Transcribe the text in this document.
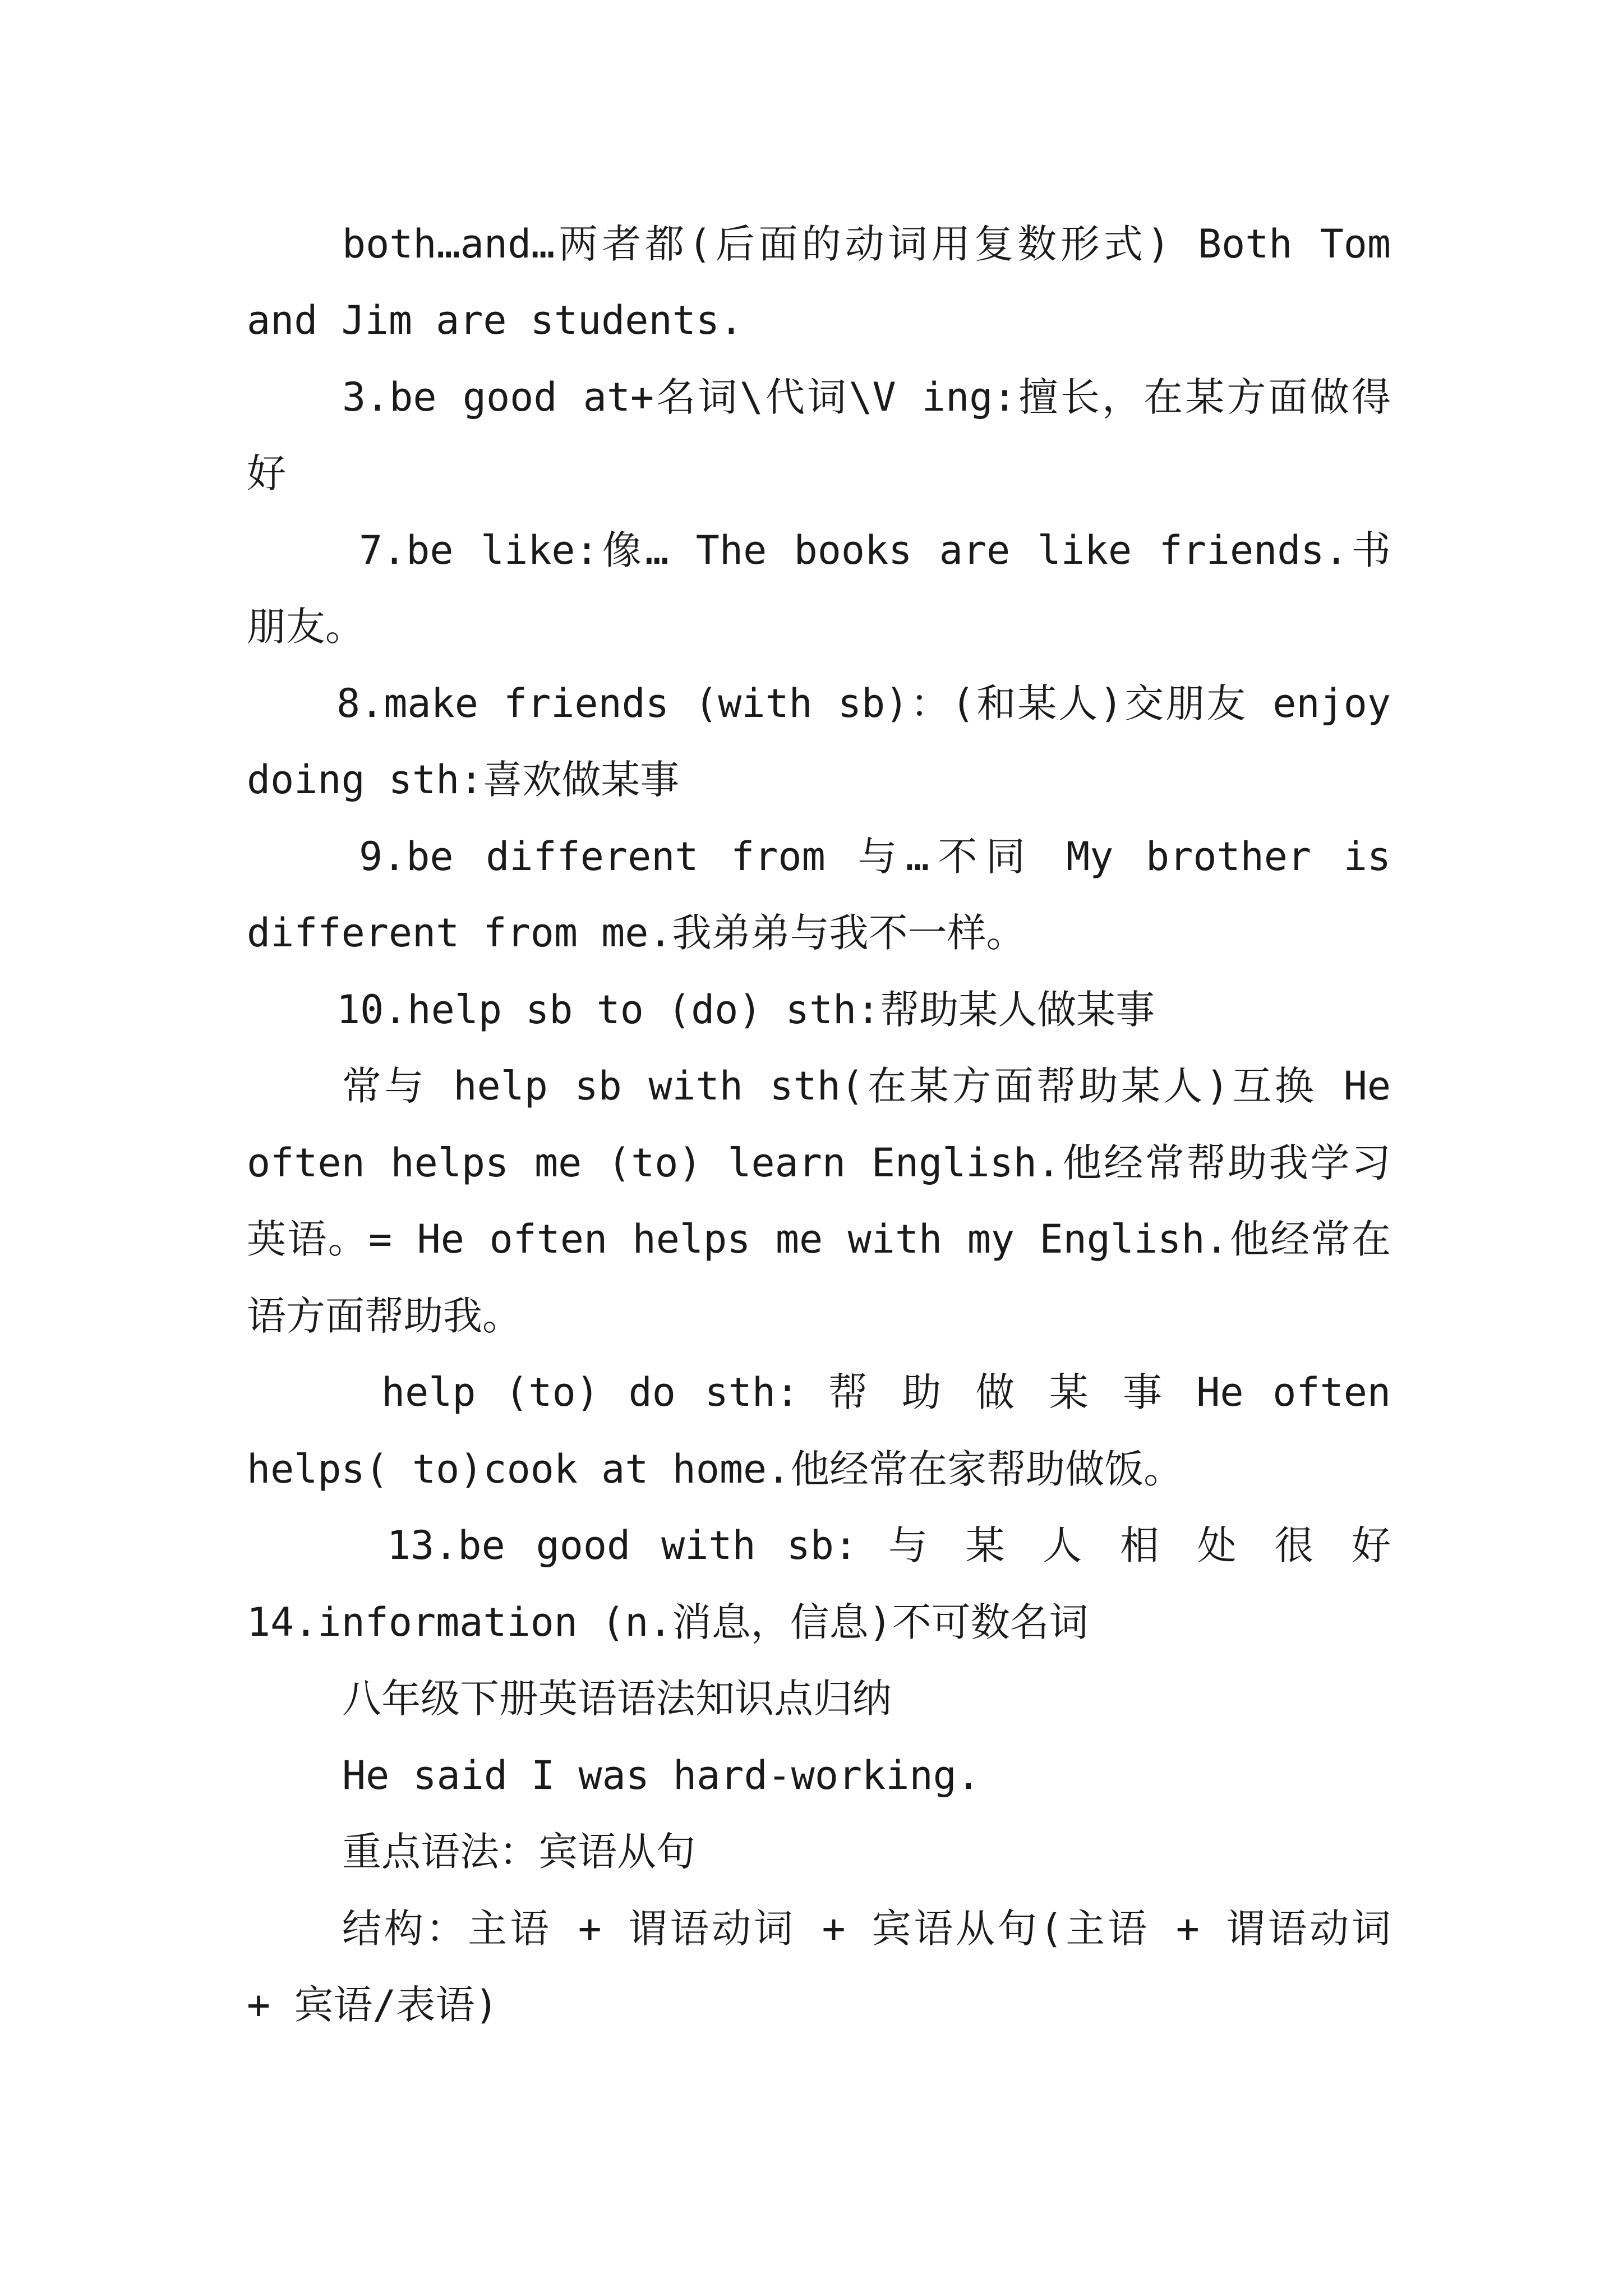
both…and…两者都(后面的动词用复数形式) Both Tom
and Jim are students.
3.be good at+名词\代词\V ing:擅长，在某方面做得
好
7.be like:像… The books are like friends.书
朋友。
8.make friends (with sb)：(和某人)交朋友 enjoy
doing sth:喜欢做某事
9.be different from 与…不同 My brother is
different from me.我弟弟与我不一样。
10.help sb to (do) sth:帮助某人做某事
常与 help sb with sth(在某方面帮助某人)互换 He
often helps me (to) learn English.他经常帮助我学习
英语。= He often helps me with my English.他经常在
语方面帮助我。
help (to) do sth: 帮 助 做 某 事 He often
helps( to)cook at home.他经常在家帮助做饭。
13.be good with sb: 与 某 人 相 处 很 好
14.information (n.消息，信息)不可数名词
八年级下册英语语法知识点归纳
He said I was hard-working.
重点语法：宾语从句
结构：主语 + 谓语动词 + 宾语从句(主语 + 谓语动词
+ 宾语/表语)
